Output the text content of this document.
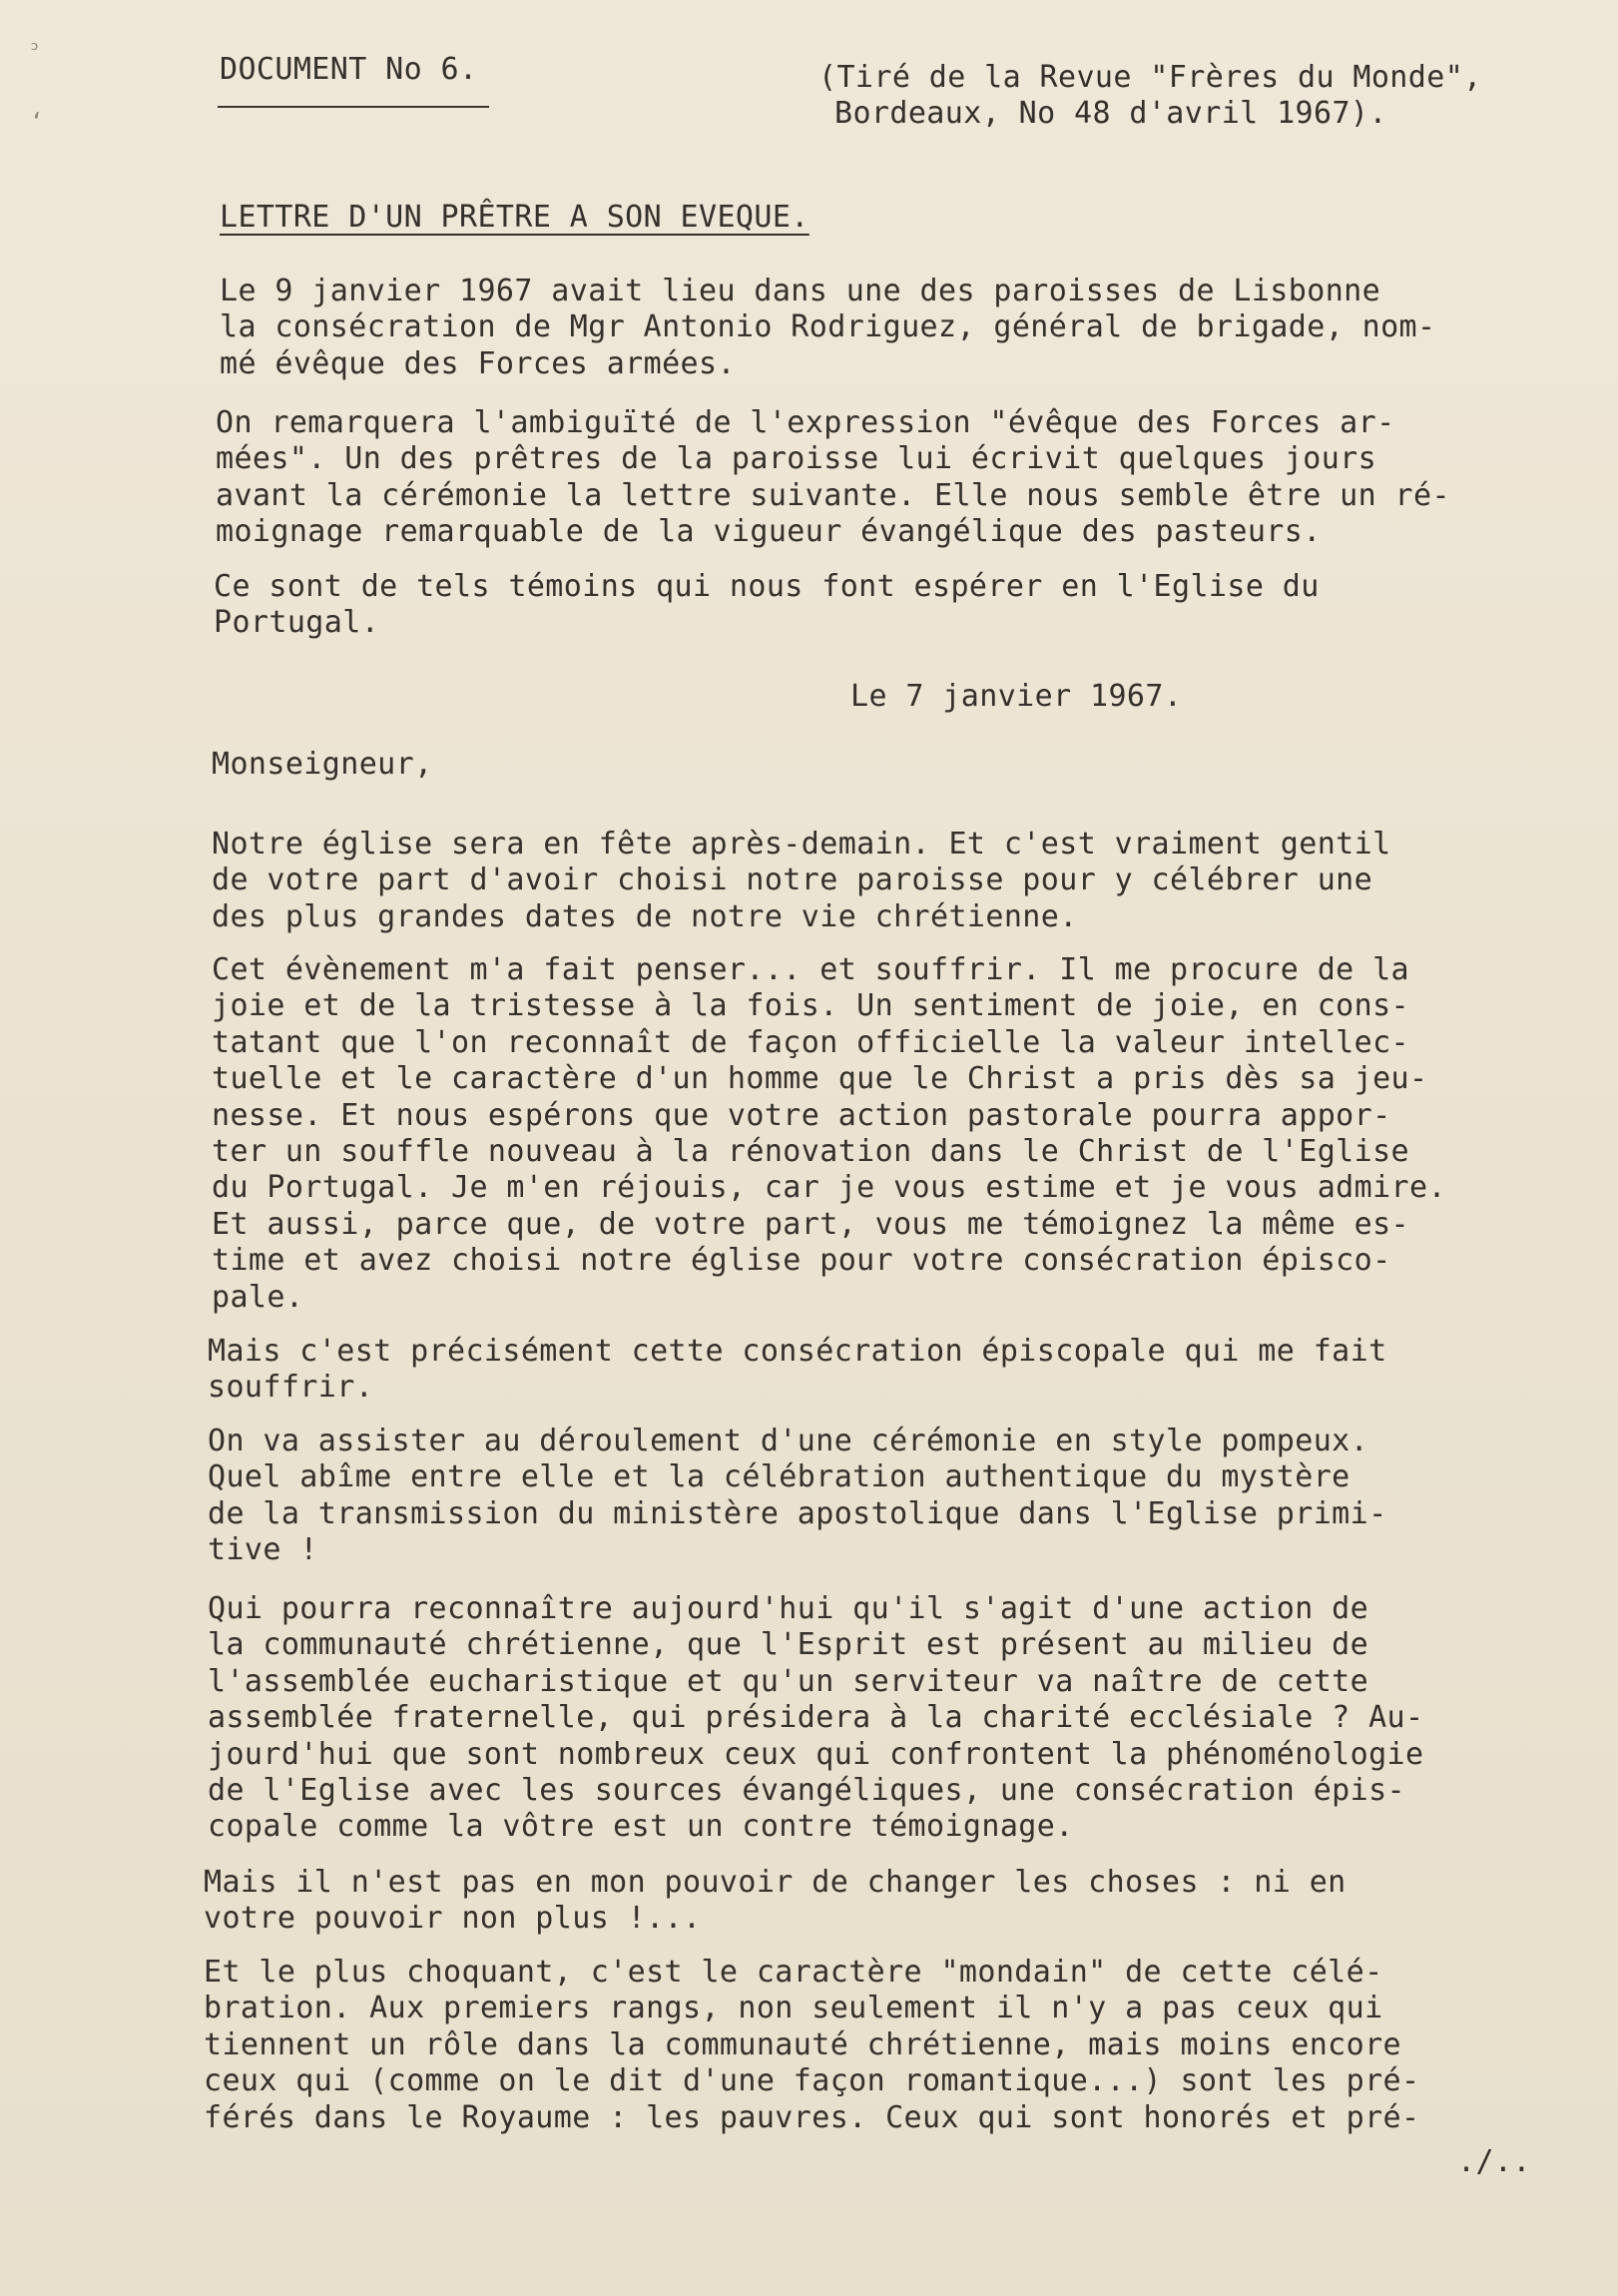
ᵓ
ʻ

DOCUMENT No 6.	(Tiré de la Revue "Frères du Monde",

Bordeaux, No 48 d'avril 1967).

LETTRE D'UN PRÊTRE A SON EVEQUE.

Le 9 janvier 1967 avait lieu dans une des paroisses de Lisbonne
la consécration de Mgr Antonio Rodriguez, général de brigade, nom-
mé évêque des Forces armées.
On remarquera l'ambiguïté de l'expression "évêque des Forces ar-
mées". Un des prêtres de la paroisse lui écrivit quelques jours
avant la cérémonie la lettre suivante. Elle nous semble être un ré-
moignage remarquable de la vigueur évangélique des pasteurs.
Ce sont de tels témoins qui nous font espérer en l'Eglise du
Portugal.

Le 7 janvier 1967.

Monseigneur,

Notre église sera en fête après-demain. Et c'est vraiment gentil
de votre part d'avoir choisi notre paroisse pour y célébrer une
des plus grandes dates de notre vie chrétienne.
Cet évènement m'a fait penser... et souffrir. Il me procure de la
joie et de la tristesse à la fois. Un sentiment de joie, en cons-
tatant que l'on reconnaît de façon officielle la valeur intellec-
tuelle et le caractère d'un homme que le Christ a pris dès sa jeu-
nesse. Et nous espérons que votre action pastorale pourra appor-
ter un souffle nouveau à la rénovation dans le Christ de l'Eglise
du Portugal. Je m'en réjouis, car je vous estime et je vous admire.
Et aussi, parce que, de votre part, vous me témoignez la même es-
time et avez choisi notre église pour votre consécration épisco-
pale.
Mais c'est précisément cette consécration épiscopale qui me fait
souffrir.
On va assister au déroulement d'une cérémonie en style pompeux.
Quel abîme entre elle et la célébration authentique du mystère
de la transmission du ministère apostolique dans l'Eglise primi-
tive !
Qui pourra reconnaître aujourd'hui qu'il s'agit d'une action de
la communauté chrétienne, que l'Esprit est présent au milieu de
l'assemblée eucharistique et qu'un serviteur va naître de cette
assemblée fraternelle, qui présidera à la charité ecclésiale ? Au-
jourd'hui que sont nombreux ceux qui confrontent la phénoménologie
de l'Eglise avec les sources évangéliques, une consécration épis-
copale comme la vôtre est un contre témoignage.
Mais il n'est pas en mon pouvoir de changer les choses : ni en
votre pouvoir non plus !...
Et le plus choquant, c'est le caractère "mondain" de cette célé-
bration. Aux premiers rangs, non seulement il n'y a pas ceux qui
tiennent un rôle dans la communauté chrétienne, mais moins encore
ceux qui (comme on le dit d'une façon romantique...) sont les pré-
férés dans le Royaume : les pauvres. Ceux qui sont honorés et pré-

./..
